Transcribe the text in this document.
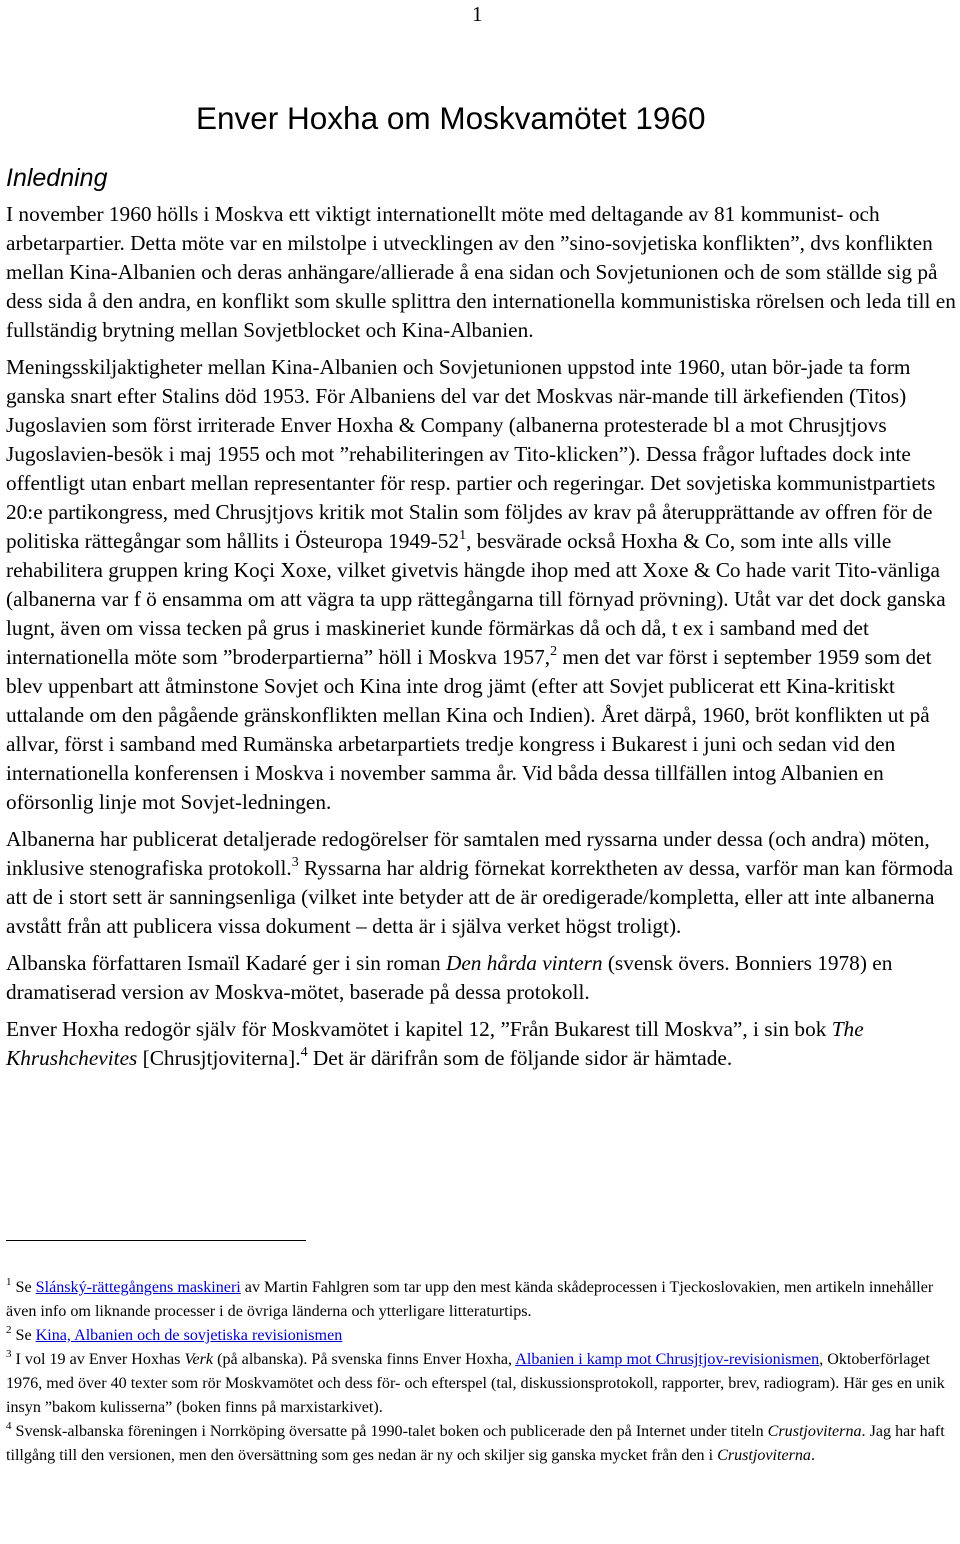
1
Enver Hoxha om Moskvamötet 1960
Inledning

I november 1960 hölls i Moskva ett viktigt internationellt möte med deltagande av 81 kommunist- och arbetarpartier. Detta möte var en milstolpe i utvecklingen av den ”sino-sovjetiska konflikten”, dvs konflikten mellan Kina-Albanien och deras anhängare/allierade å ena sidan och Sovjetunionen och de som ställde sig på dess sida å den andra, en konflikt som skulle splittra den internationella kommunistiska rörelsen och leda till en fullständig brytning mellan Sovjetblocket och Kina-Albanien.

Meningsskiljaktigheter mellan Kina-Albanien och Sovjetunionen uppstod inte 1960, utan bör-jade ta form ganska snart efter Stalins död 1953. För Albaniens del var det Moskvas när-mande till ärkefienden (Titos) Jugoslavien som först irriterade Enver Hoxha & Company (albanerna protesterade bl a mot Chrusjtjovs Jugoslavien-besök i maj 1955 och mot ”rehabiliteringen av Tito-klicken”). Dessa frågor luftades dock inte offentligt utan enbart mellan representanter för resp. partier och regeringar. Det sovjetiska kommunistpartiets 20:e partikongress, med Chrusjtjovs kritik mot Stalin som följdes av krav på återupprättande av offren för de politiska rättegångar som hållits i Östeuropa $1949-52^1$, besvärade också Hoxha & Co, som inte alls ville rehabilitera gruppen kring Koçi Xoxe, vilket givetvis hängde ihop med att Xoxe & Co hade varit Tito-vänliga (albanerna var f ö ensamma om att vägra ta upp rättegångarna till förnyad prövning). Utåt var det dock ganska lugnt, även om vissa tecken på grus i maskineriet kunde förmärkas då och då, t ex i samband med det internationella möte som ”broderpartierna” höll i Moskva 1957,$^2$ men det var först i september 1959 som det blev uppenbart att åtminstone Sovjet och Kina inte drog jämt (efter att Sovjet publicerat ett Kina-kritiskt uttalande om den pågående gränskonflikten mellan Kina och Indien). Året därpå, 1960, bröt konflikten ut på allvar, först i samband med Rumänska arbetarpartiets tredje kongress i Bukarest i juni och sedan vid den internationella konferensen i Moskva i november samma år. Vid båda dessa tillfällen intog Albanien en oförsonlig linje mot Sovjet-ledningen.

Albanerna har publicerat detaljerade redogörelser för samtalen med ryssarna under dessa (och andra) möten, inklusive stenografiska protokoll.$^3$ Ryssarna har aldrig förnekat korrektheten av dessa, varför man kan förmoda att de i stort sett är sanningsenliga (vilket inte betyder att de är oredigerade/kompletta, eller att inte albanerna avstått från att publicera vissa dokument – detta är i själva verket högst troligt).

Albanska författaren Ismaïl Kadaré ger i sin roman Den hårda vintern (svensk övers. Bonniers 1978) en dramatiserad version av Moskva-mötet, baserade på dessa protokoll.

Enver Hoxha redogör själv för Moskvamötet i kapitel 12, ”Från Bukarest till Moskva”, i sin bok The Khrushchevites [Chrusjtjoviterna].$^4$ Det är därifrån som de följande sidor är hämtade.

$^1$ Se Slánský-rättegångens maskineri av Martin Fahlgren som tar upp den mest kända skådeprocessen i Tjeckoslovakien, men artikeln innehåller även info om liknande processer i de övriga länderna och ytterligare litteraturtips.

$^2$ Se Kina, Albanien och de sovjetiska revisionismen

$^3$ I vol 19 av Enver Hoxhas Verk (på albanska). På svenska finns Enver Hoxha, Albanien i kamp mot Chrusjtjov-revisionismen, Oktoberförlaget 1976, med över 40 texter som rör Moskvamötet och dess för- och efterspel (tal, diskussionsprotokoll, rapporter, brev, radiogram). Här ges en unik insyn ”bakom kulisserna” (boken finns på marxistarkivet).

$^4$ Svensk-albanska föreningen i Norrköping översatte på 1990-talet boken och publicerade den på Internet under titeln Crustjoviterna. Jag har haft tillgång till den versionen, men den översättning som ges nedan är ny och skiljer sig ganska mycket från den i Crustjoviterna.
